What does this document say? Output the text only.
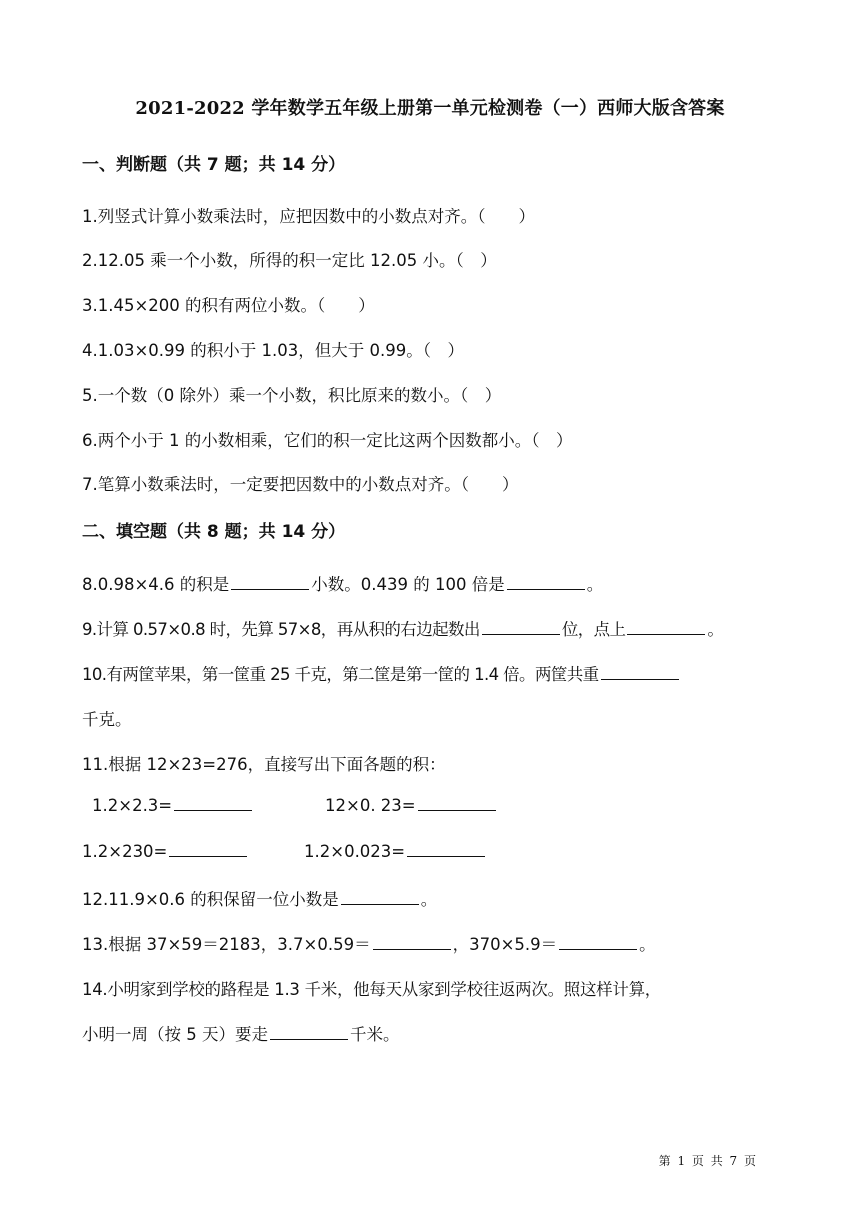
2021-2022 学年数学五年级上册第一单元检测卷（一）西师大版含答案
一、判断题（共 7 题；共 14 分）
1.列竖式计算小数乘法时，应把因数中的小数点对齐。（　　）
2.12.05 乘一个小数，所得的积一定比 12.05 小。（　）
3.1.45×200 的积有两位小数。（　　）
4.1.03×0.99 的积小于 1.03，但大于 0.99。（　）
5.一个数（0 除外）乘一个小数，积比原来的数小。（　）
6.两个小于 1 的小数相乘，它们的积一定比这两个因数都小。（　）
7.笔算小数乘法时，一定要把因数中的小数点对齐。（　　）
二、填空题（共 8 题；共 14 分）
8.0.98×4.6 的积是	小数。0.439 的 100 倍是	。
9.计算 0.57×0.8 时，先算 57×8，再从积的右边起数出	位，点上	。
10.有两筐苹果，第一筐重 25 千克，第二筐是第一筐的 1.4 倍。两筐共重
千克。
11.根据 12×23=276，直接写出下面各题的积：
1.2×2.3=	12×0. 23=
1.2×230=	1.2×0.023=
12.11.9×0.6 的积保留一位小数是	。
13.根据 37×59＝2183，3.7×0.59＝	，370×5.9＝	。
14.小明家到学校的路程是 1.3 千米，他每天从家到学校往返两次。照这样计算，
小明一周（按 5 天）要走	千米。
第 1 页 共 7 页
